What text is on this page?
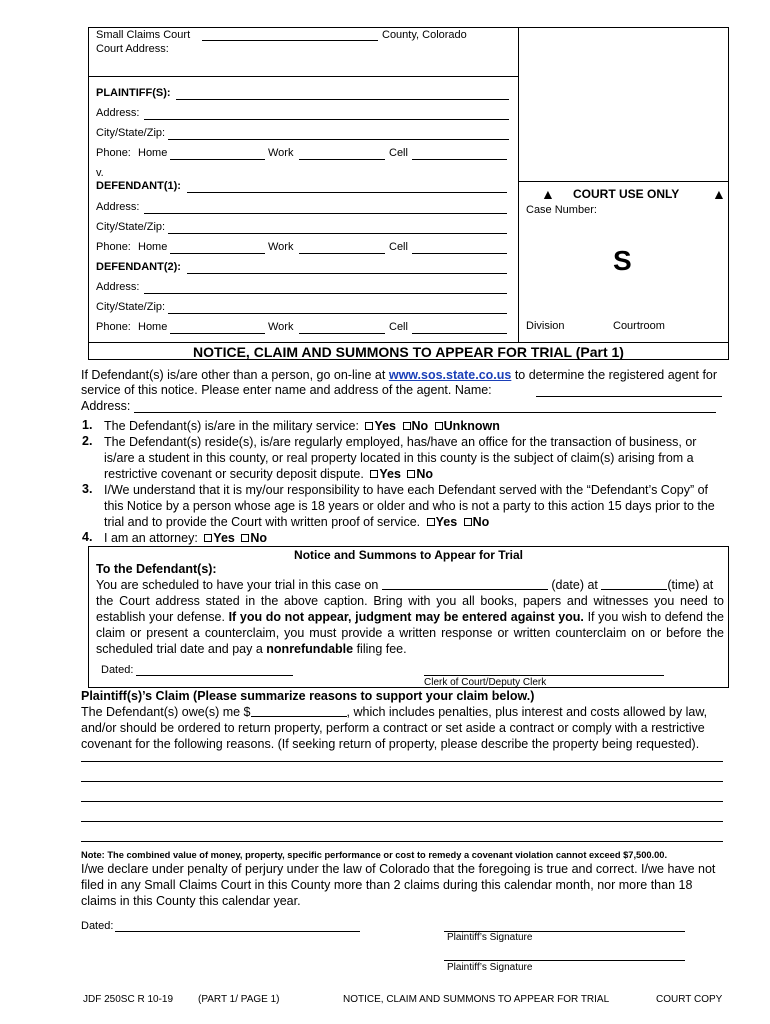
Small Claims Court	County, Colorado
Court Address:
PLAINTIFF(S):
Address:
City/State/Zip:
Phone: Home	Work	Cell
v.
DEFENDANT(1):
Address:
City/State/Zip:
Phone: Home	Work	Cell
DEFENDANT(2):
Address:
City/State/Zip:
Phone: Home	Work	Cell
▲ COURT USE ONLY ▲
Case Number:
S
Division	Courtroom
NOTICE, CLAIM AND SUMMONS TO APPEAR FOR TRIAL (Part 1)
If Defendant(s) is/are other than a person, go on-line at www.sos.state.co.us to determine the registered agent for
service of this notice. Please enter name and address of the agent. Name:
Address:
1. The Defendant(s) is/are in the military service: Yes No Unknown
2. The Defendant(s) reside(s), is/are regularly employed, has/have an office for the transaction of business, or is/are a student in this county, or real property located in this county is the subject of claim(s) arising from a restrictive covenant or security deposit dispute. Yes No
3. I/We understand that it is my/our responsibility to have each Defendant served with the “Defendant’s Copy” of this Notice by a person whose age is 18 years or older and who is not a party to this action 15 days prior to the trial and to provide the Court with written proof of service. Yes No
4. I am an attorney: Yes No
Notice and Summons to Appear for Trial
To the Defendant(s):
You are scheduled to have your trial in this case on	(date) at	(time) at
the Court address stated in the above caption. Bring with you all books, papers and witnesses you need to establish your defense. If you do not appear, judgment may be entered against you. If you wish to defend the claim or present a counterclaim, you must provide a written response or written counterclaim on or before the scheduled trial date and pay a nonrefundable filing fee.
Dated:
Clerk of Court/Deputy Clerk
Plaintiff(s)’s Claim (Please summarize reasons to support your claim below.)
The Defendant(s) owe(s) me $	, which includes penalties, plus interest and costs allowed by law,
and/or should be ordered to return property, perform a contract or set aside a contract or comply with a restrictive covenant for the following reasons. (If seeking return of property, please describe the property being requested).
Note: The combined value of money, property, specific performance or cost to remedy a covenant violation cannot exceed $7,500.00.
I/we declare under penalty of perjury under the law of Colorado that the foregoing is true and correct. I/we have not filed in any Small Claims Court in this County more than 2 claims during this calendar month, nor more than 18 claims in this County this calendar year.
Dated:
Plaintiff’s Signature
Plaintiff’s Signature
JDF 250SC R 10-19 (PART 1/ PAGE 1)	NOTICE, CLAIM AND SUMMONS TO APPEAR FOR TRIAL	COURT COPY
